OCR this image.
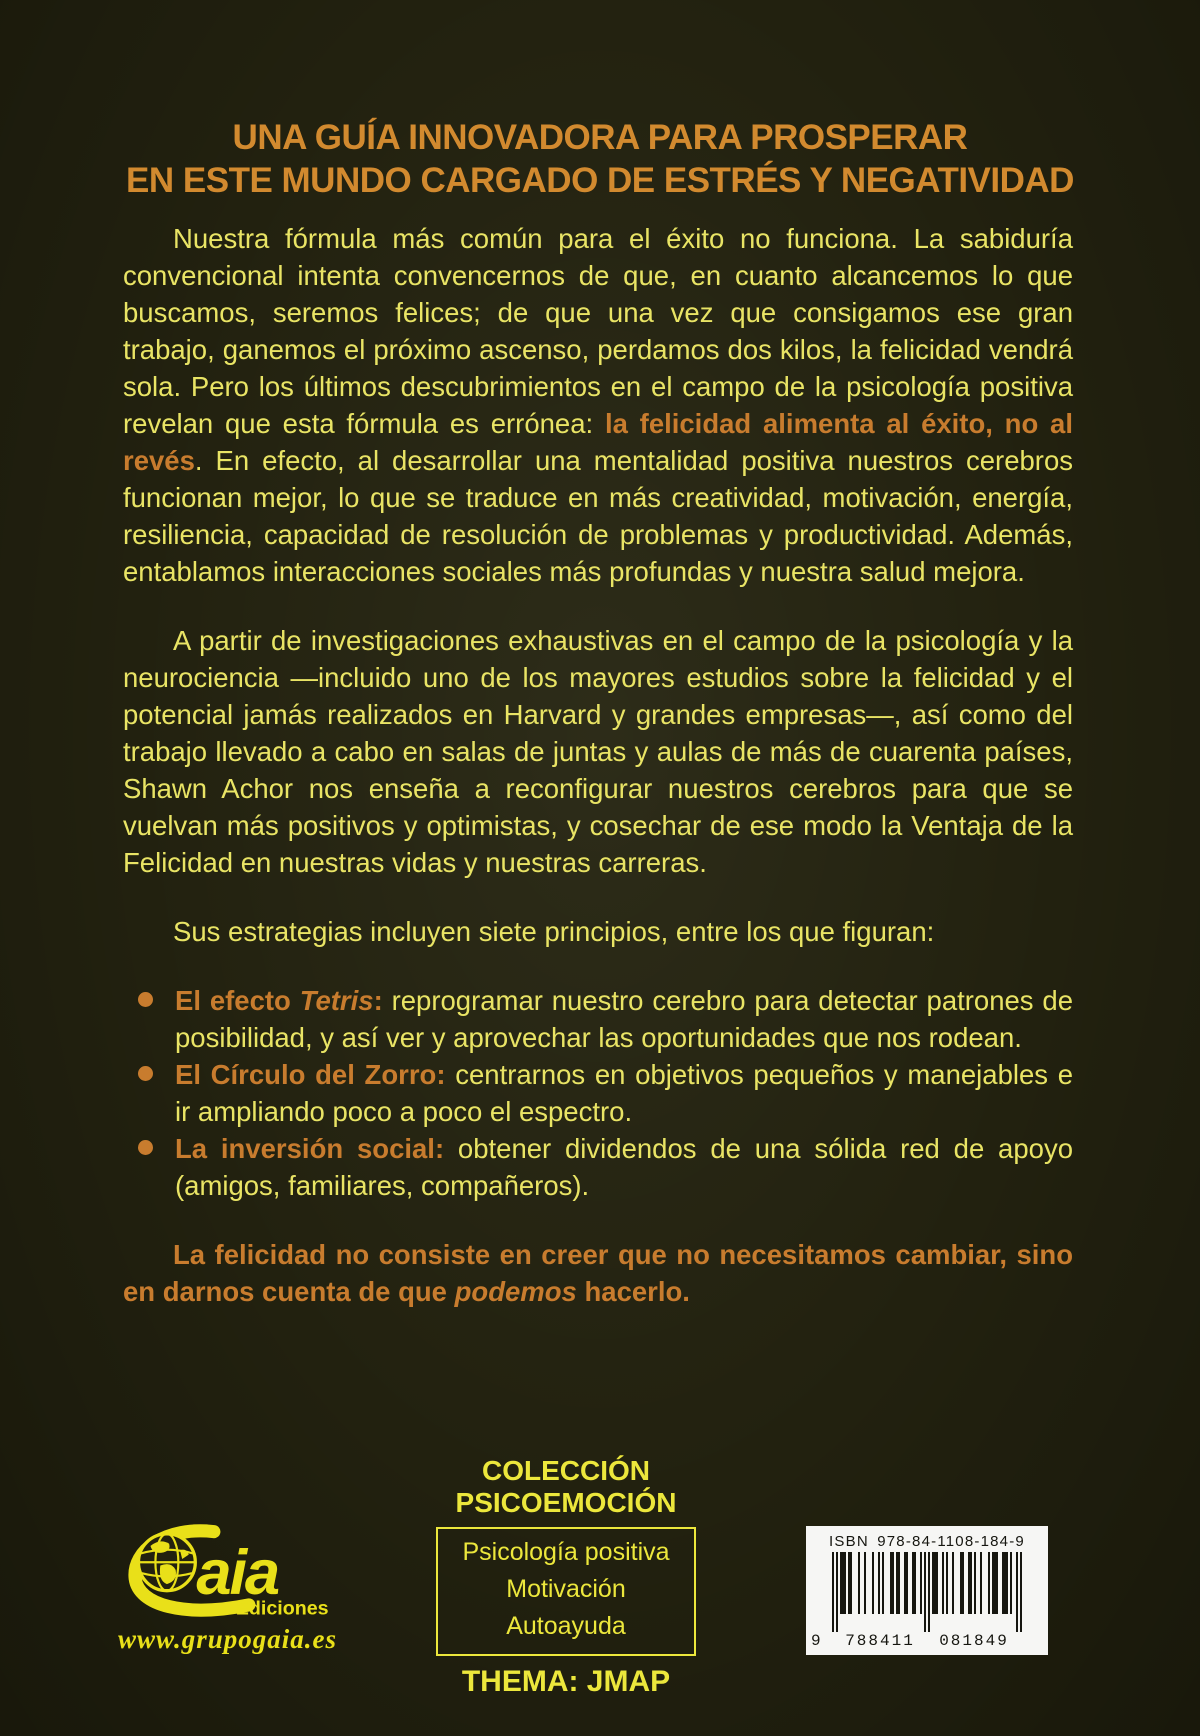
UNA GUÍA INNOVADORA PARA PROSPERAR
EN ESTE MUNDO CARGADO DE ESTRÉS Y NEGATIVIDAD

Nuestra fórmula más común para el éxito no funciona. La sabiduría convencional intenta convencernos de que, en cuanto alcancemos lo que buscamos, seremos felices; de que una vez que consigamos ese gran trabajo, ganemos el próximo ascenso, perdamos dos kilos, la felicidad vendrá sola. Pero los últimos descubrimientos en el campo de la psicología positiva revelan que esta fórmula es errónea: la felicidad alimenta al éxito, no al revés. En efecto, al desarrollar una mentalidad positiva nuestros cerebros funcionan mejor, lo que se traduce en más creatividad, motivación, energía, resiliencia, capacidad de resolución de problemas y productividad. Además, entablamos interacciones sociales más profundas y nuestra salud mejora.

A partir de investigaciones exhaustivas en el campo de la psicología y la neurociencia —incluido uno de los mayores estudios sobre la felicidad y el potencial jamás realizados en Harvard y grandes empresas—, así como del trabajo llevado a cabo en salas de juntas y aulas de más de cuarenta países, Shawn Achor nos enseña a reconfigurar nuestros cerebros para que se vuelvan más positivos y optimistas, y cosechar de ese modo la Ventaja de la Felicidad en nuestras vidas y nuestras carreras.

Sus estrategias incluyen siete principios, entre los que figuran:

El efecto Tetris: reprogramar nuestro cerebro para detectar patrones de posibilidad, y así ver y aprovechar las oportunidades que nos rodean.
El Círculo del Zorro: centrarnos en objetivos pequeños y manejables e ir ampliando poco a poco el espectro.
La inversión social: obtener dividendos de una sólida red de apoyo (amigos, familiares, compañeros).

La felicidad no consiste en creer que no necesitamos cambiar, sino en darnos cuenta de que podemos hacerlo.

aia
Ediciones
www.grupogaia.es
COLECCIÓN
PSICOEMOCIÓN
Psicología positiva
Motivación
Autoayuda
THEMA: JMAP
ISBN 978-84-1108-184-9
9	788411	081849
